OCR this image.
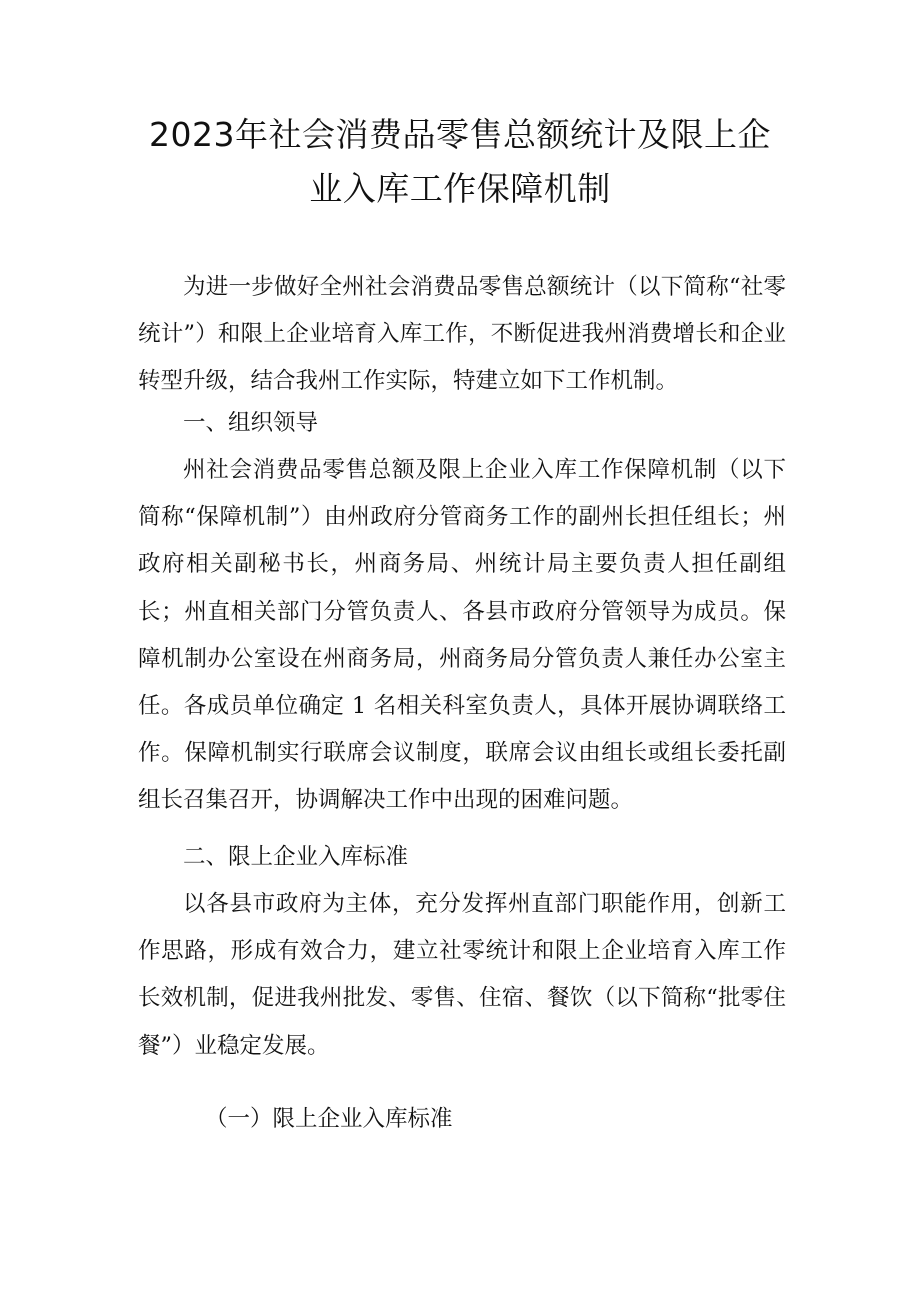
2023年社会消费品零售总额统计及限上企
业入库工作保障机制

为进一步做好全州社会消费品零售总额统计（以下简称“社零统计”）和限上企业培育入库工作，不断促进我州消费增长和企业转型升级，结合我州工作实际，特建立如下工作机制。

一、组织领导

州社会消费品零售总额及限上企业入库工作保障机制（以下简称“保障机制”）由州政府分管商务工作的副州长担任组长；州政府相关副秘书长，州商务局、州统计局主要负责人担任副组长；州直相关部门分管负责人、各县市政府分管领导为成员。保障机制办公室设在州商务局，州商务局分管负责人兼任办公室主任。各成员单位确定 1 名相关科室负责人，具体开展协调联络工作。保障机制实行联席会议制度，联席会议由组长或组长委托副组长召集召开，协调解决工作中出现的困难问题。

二、限上企业入库标准

以各县市政府为主体，充分发挥州直部门职能作用，创新工作思路，形成有效合力，建立社零统计和限上企业培育入库工作长效机制，促进我州批发、零售、住宿、餐饮（以下简称“批零住餐”）业稳定发展。

（一）限上企业入库标准
